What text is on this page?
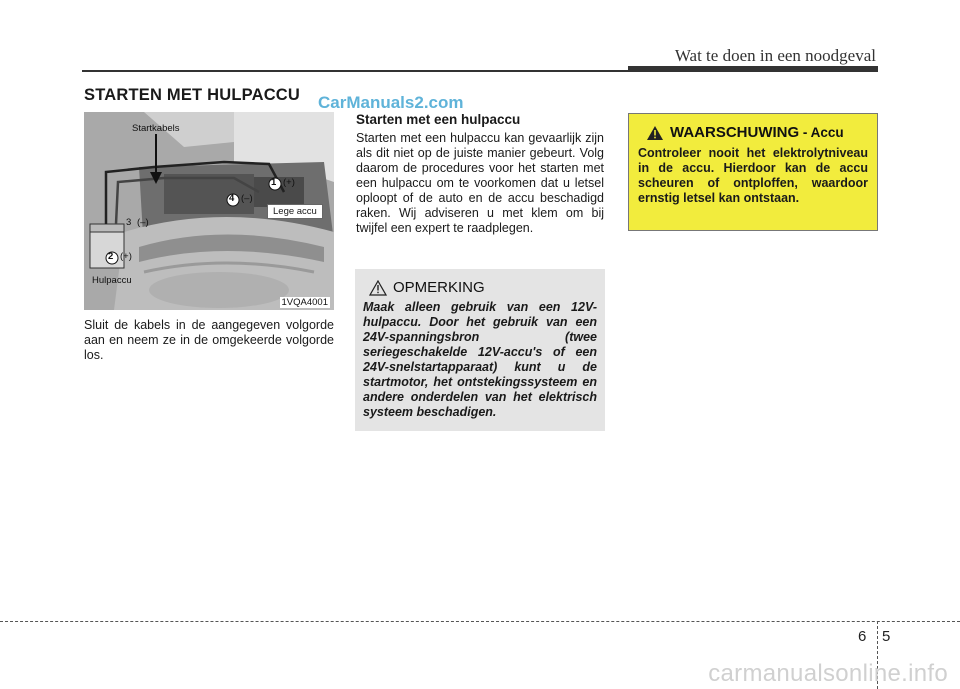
Wat te doen in een noodgeval
STARTEN MET HULPACCU CarManuals2.com
Startkabels
Hulpaccu
Lege accu
1 (+)
4 (–)
3 (–)
2 (+)
1VQA4001
Sluit de kabels in de aangegeven volgorde aan en neem ze in de omgekeerde volgorde los.
Starten met een hulpaccu
Starten met een hulpaccu kan gevaarlijk zijn als dit niet op de juiste manier gebeurt. Volg daarom de procedures voor het starten met een hulpaccu om te voorkomen dat u letsel oploopt of de auto en de accu beschadigd raken. Wij adviseren u met klem om bij twijfel een expert te raadplegen.
OPMERKING
Maak alleen gebruik van een 12V-hulpaccu. Door het gebruik van een 24V-spanningsbron (twee seriegeschakelde 12V-accu's of een 24V-snelstartapparaat) kunt u de startmotor, het ontstekingssysteem en andere onderdelen van het elektrisch systeem beschadigen.
WAARSCHUWING - Accu
Controleer nooit het elektrolytniveau in de accu. Hierdoor kan de accu scheuren of ontploffen, waardoor ernstig letsel kan ontstaan.
6 5
carmanualsonline.info
